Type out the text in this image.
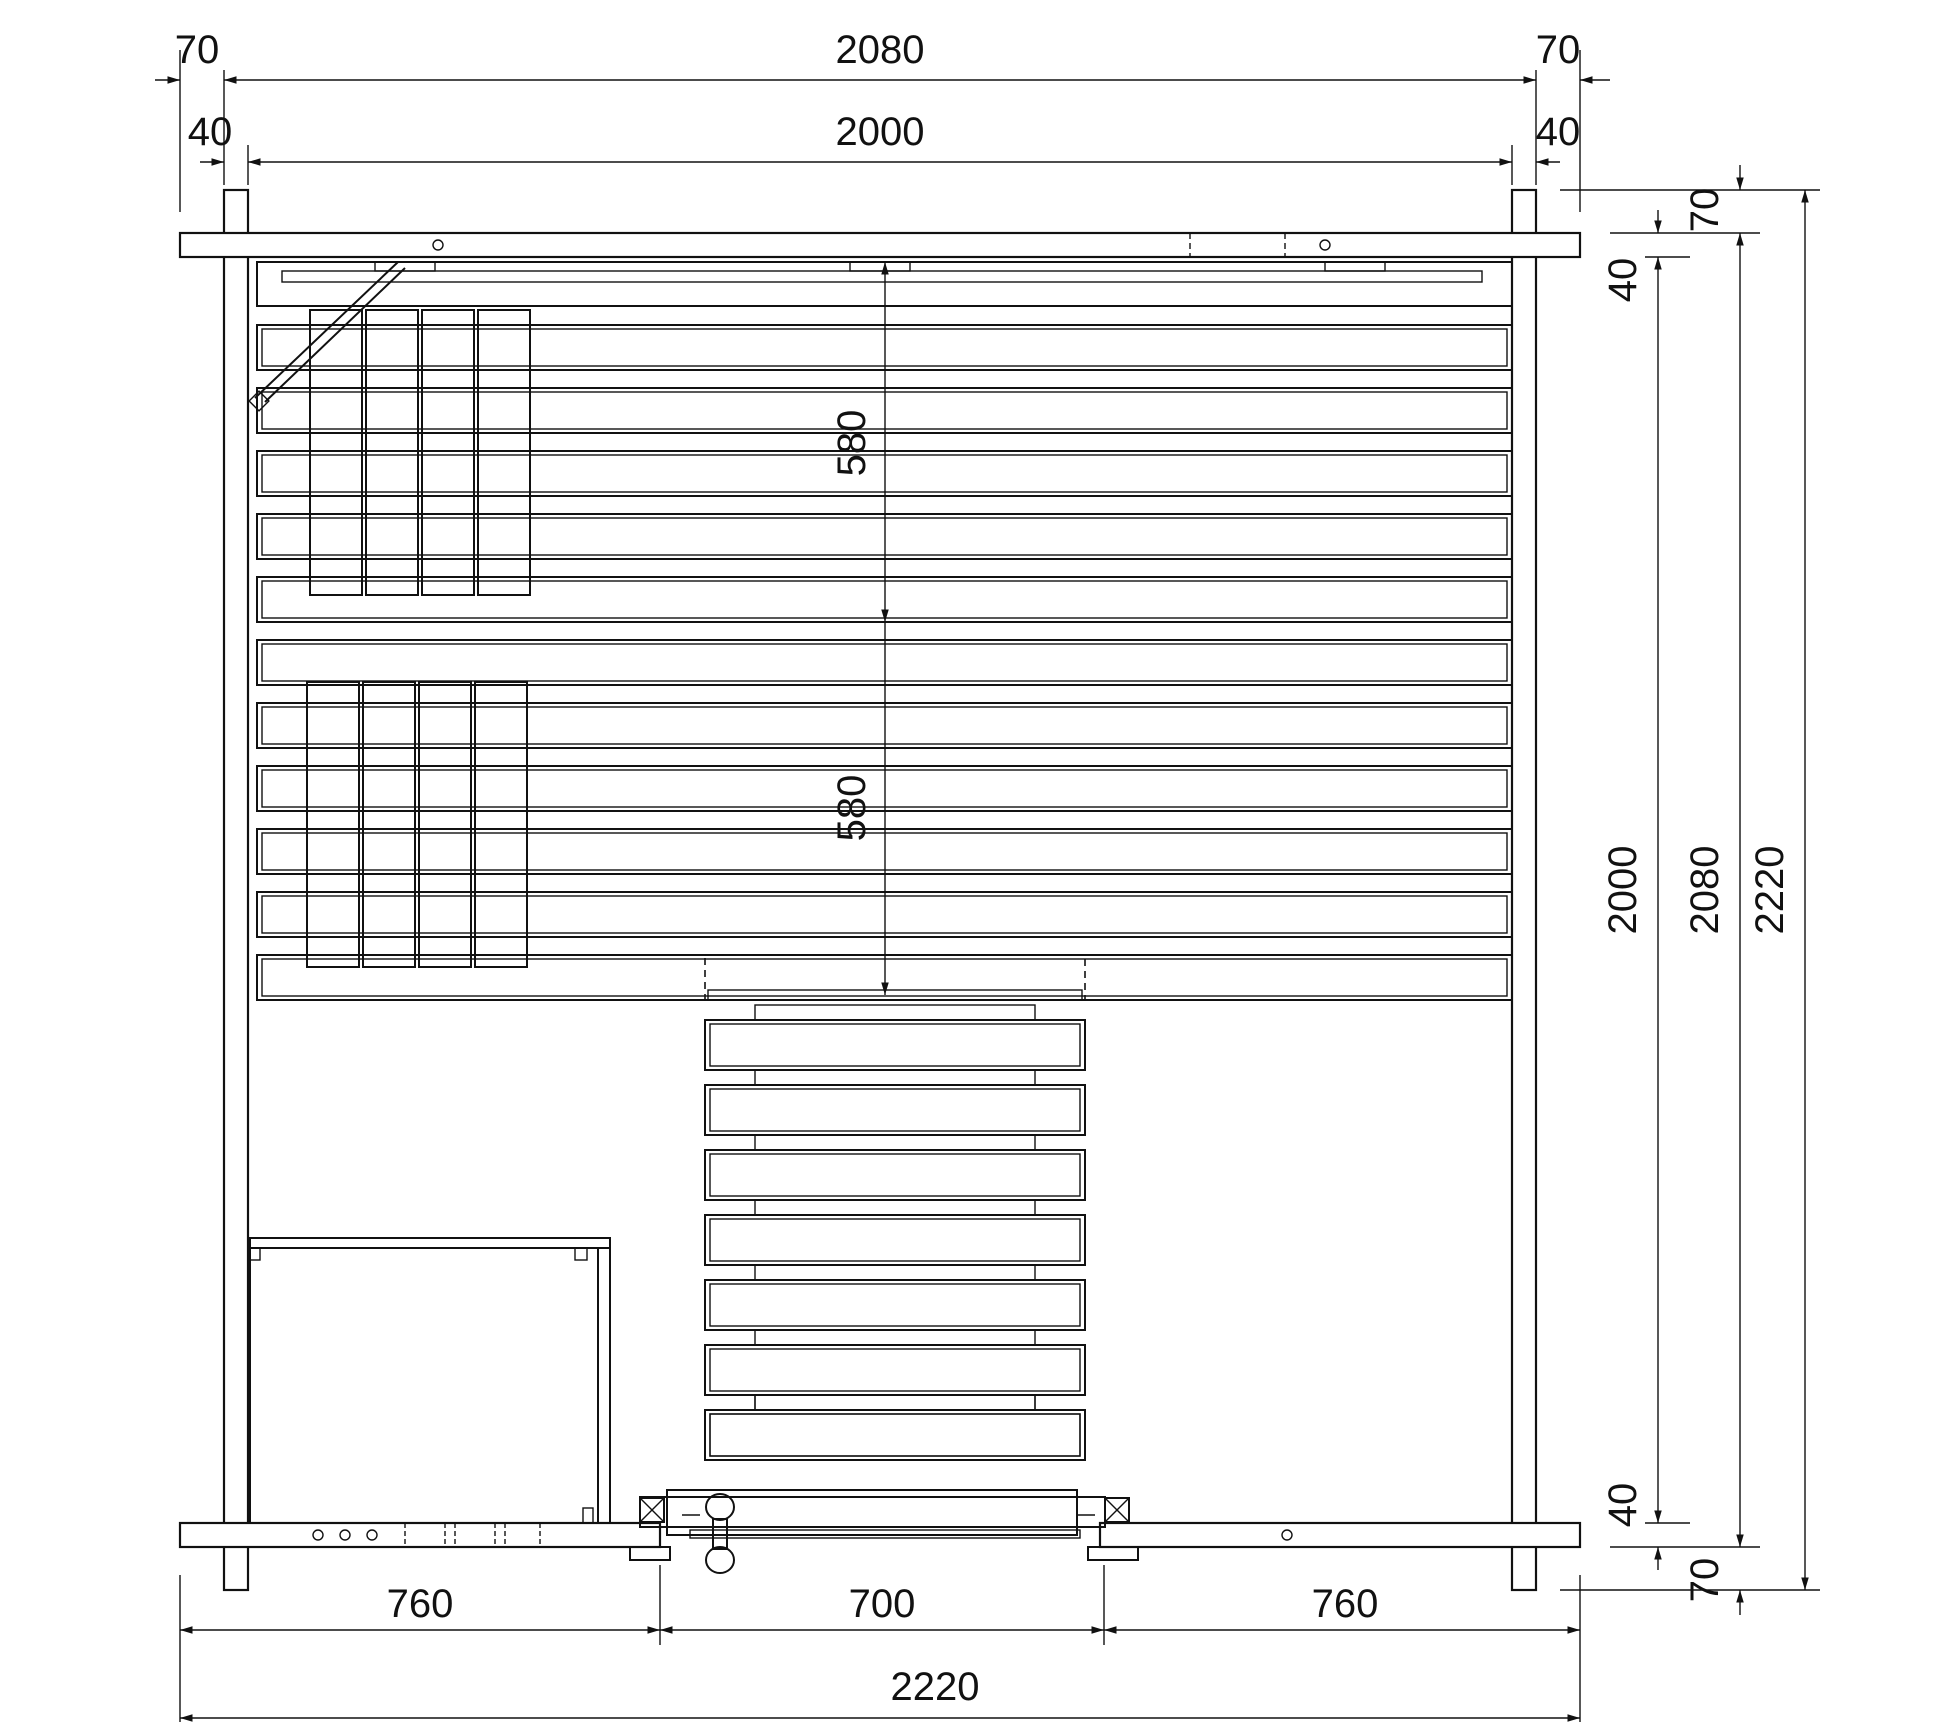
2080
2000
70
40
70
40
580
580
2000 2080 2220
70
40
40
70
760	700	760
2220
